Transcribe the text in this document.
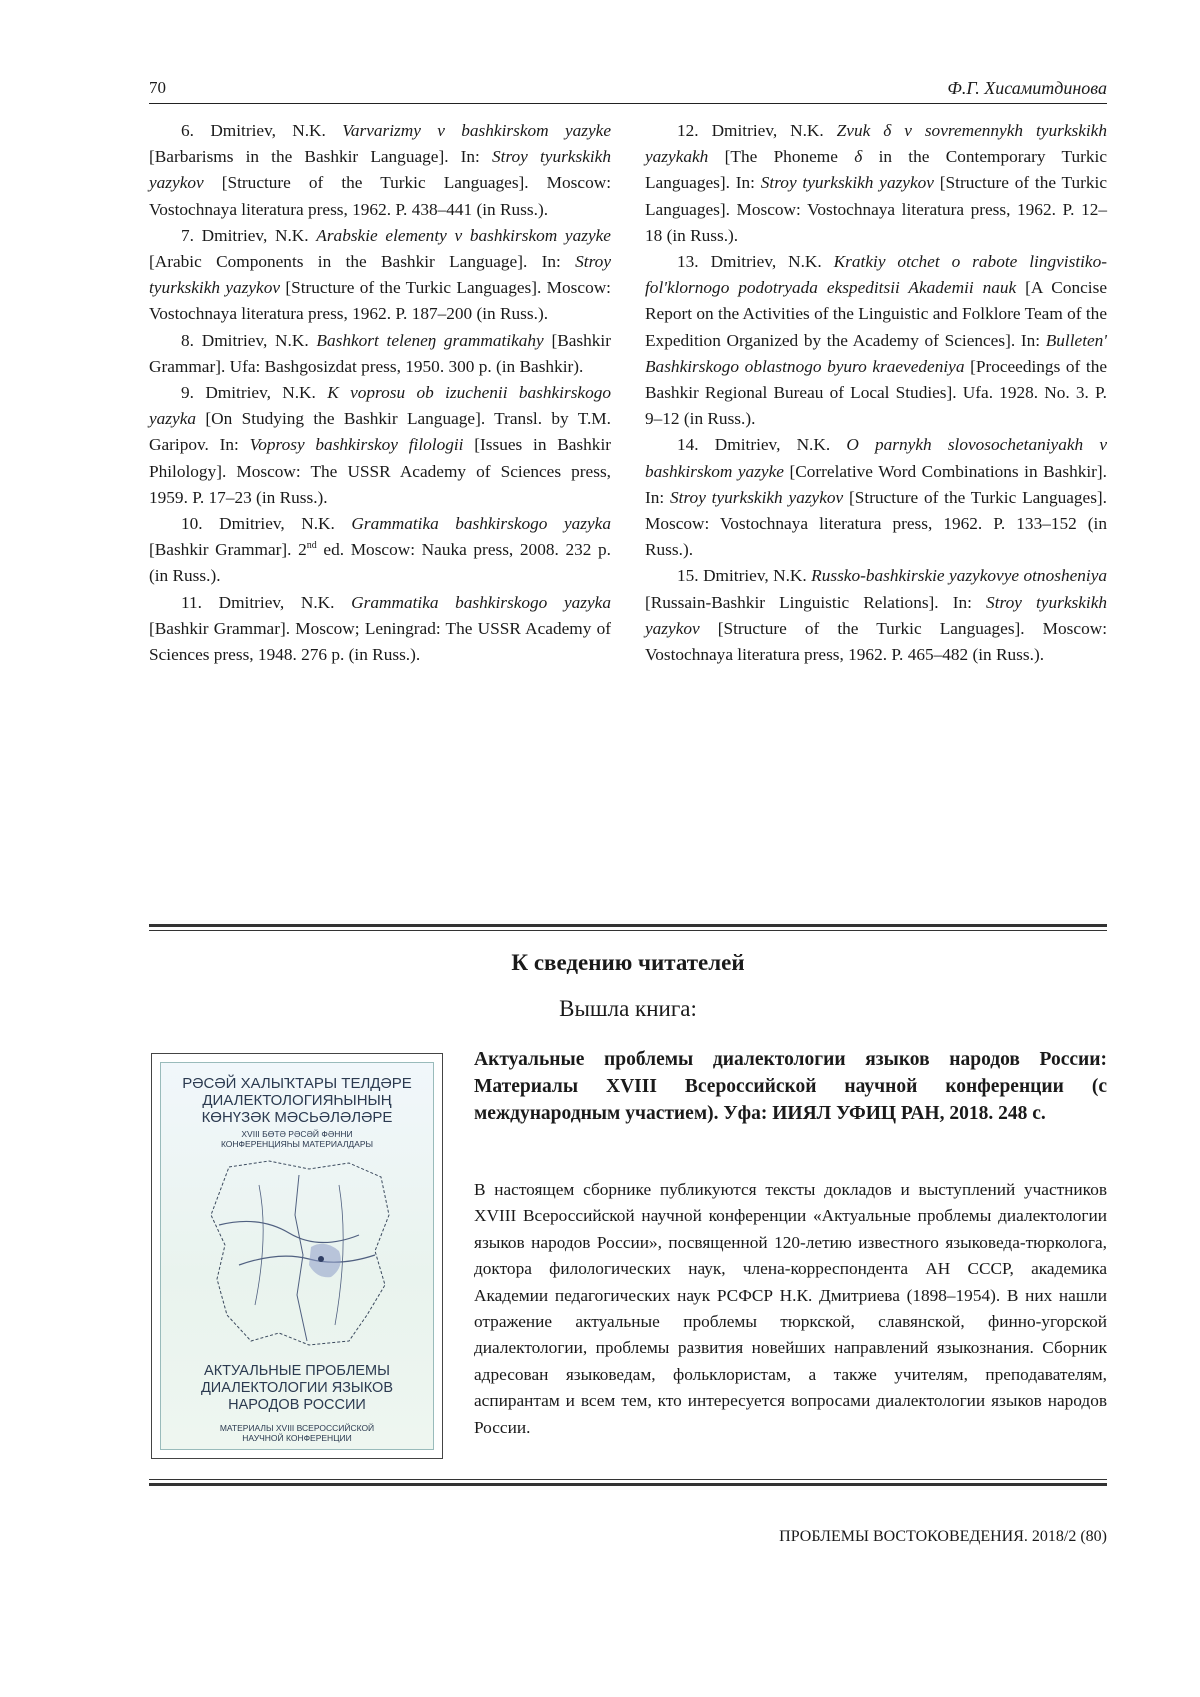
70	Ф.Г. Хисамитдинова

6. Dmitriev, N.K. Varvarizmy v bashkirskom yazyke [Barbarisms in the Bashkir Language]. In: Stroy tyurkskikh yazykov [Structure of the Turkic Languages]. Moscow: Vostochnaya literatura press, 1962. P. 438–441 (in Russ.).

7. Dmitriev, N.K. Arabskie elementy v bashkirskom yazyke [Arabic Components in the Bashkir Language]. In: Stroy tyurkskikh yazykov [Structure of the Turkic Languages]. Moscow: Vostochnaya literatura press, 1962. P. 187–200 (in Russ.).

8. Dmitriev, N.K. Bashkort teleneŋ grammatikahy [Bashkir Grammar]. Ufa: Bashgosizdat press, 1950. 300 p. (in Bashkir).

9. Dmitriev, N.K. K voprosu ob izuchenii bashkirskogo yazyka [On Studying the Bashkir Language]. Transl. by T.M. Garipov. In: Voprosy bashkirskoy filologii [Issues in Bashkir Philology]. Moscow: The USSR Academy of Sciences press, 1959. P. 17–23 (in Russ.).

10. Dmitriev, N.K. Grammatika bashkirskogo yazyka [Bashkir Grammar]. 2nd ed. Moscow: Nauka press, 2008. 232 p. (in Russ.).

11. Dmitriev, N.K. Grammatika bashkirskogo yazyka [Bashkir Grammar]. Moscow; Leningrad: The USSR Academy of Sciences press, 1948. 276 p. (in Russ.).

12. Dmitriev, N.K. Zvuk δ v sovremennykh tyurkskikh yazykakh [The Phoneme δ in the Contemporary Turkic Languages]. In: Stroy tyurkskikh yazykov [Structure of the Turkic Languages]. Moscow: Vostochnaya literatura press, 1962. P. 12–18 (in Russ.).

13. Dmitriev, N.K. Kratkiy otchet o rabote lingvistiko-fol'klornogo podotryada ekspeditsii Akademii nauk [A Concise Report on the Activities of the Linguistic and Folklore Team of the Expedition Organized by the Academy of Sciences]. In: Bulleten' Bashkirskogo oblastnogo byuro kraevedeniya [Proceedings of the Bashkir Regional Bureau of Local Studies]. Ufa. 1928. No. 3. P. 9–12 (in Russ.).

14. Dmitriev, N.K. O parnykh slovosochetaniyakh v bashkirskom yazyke [Correlative Word Combinations in Bashkir]. In: Stroy tyurkskikh yazykov [Structure of the Turkic Languages]. Moscow: Vostochnaya literatura press, 1962. P. 133–152 (in Russ.).

15. Dmitriev, N.K. Russko-bashkirskie yazykovye otnosheniya [Russain-Bashkir Linguistic Relations]. In: Stroy tyurkskikh yazykov [Structure of the Turkic Languages]. Moscow: Vostochnaya literatura press, 1962. P. 465–482 (in Russ.).

К сведению читателей
Вышла книга:
РӘСӘЙ ХАЛЫҠТАРЫ ТЕЛДӘРЕ
ДИАЛЕКТОЛОГИЯҺЫНЫҢ
КӨНҮЗӘК МӘСЬӘЛӘЛӘРЕ
XVIII БӨТӘ РӘСӘЙ ФӘННИ
КОНФЕРЕНЦИЯҺЫ МАТЕРИАЛДАРЫ
АКТУАЛЬНЫЕ ПРОБЛЕМЫ
ДИАЛЕКТОЛОГИИ ЯЗЫКОВ
НАРОДОВ РОССИИ
МАТЕРИАЛЫ XVIII ВСЕРОССИЙСКОЙ
НАУЧНОЙ КОНФЕРЕНЦИИ
Актуальные проблемы диалектологии языков народов России: Материалы XVIII Всероссийской научной конференции (с международным участием). Уфа: ИИЯЛ УФИЦ РАН, 2018. 248 с.
В настоящем сборнике публикуются тексты докладов и выступлений участников XVIII Всероссийской научной конференции «Актуальные проблемы диалектологии языков народов России», посвященной 120-летию известного языковеда-тюрколога, доктора филологических наук, члена-корреспондента АН СССР, академика Академии педагогических наук РСФСР Н.К. Дмитриева (1898–1954). В них нашли отражение актуальные проблемы тюркской, славянской, финно-угорской диалектологии, проблемы развития новейших направлений языкознания. Сборник адресован языковедам, фольклористам, а также учителям, преподавателям, аспирантам и всем тем, кто интересуется вопросами диалектологии языков народов России.
ПРОБЛЕМЫ ВОСТОКОВЕДЕНИЯ. 2018/2 (80)
